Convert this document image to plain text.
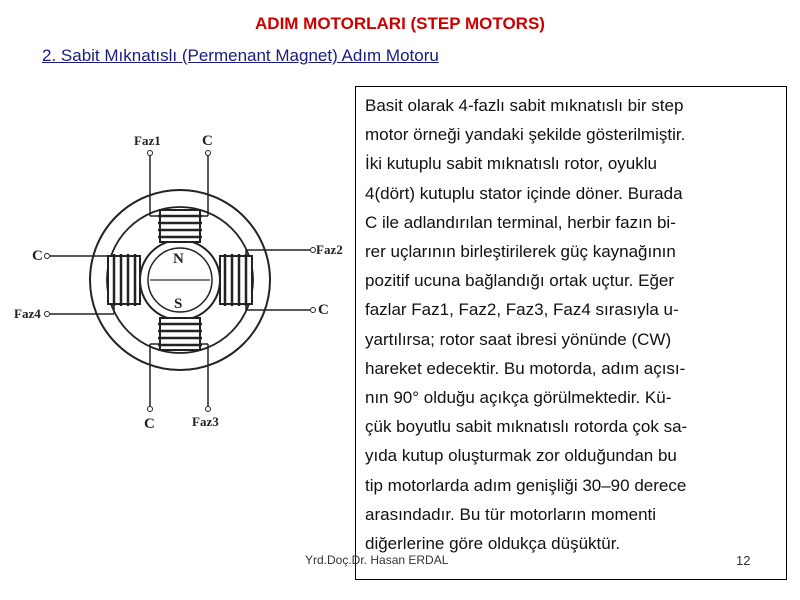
ADIM MOTORLARI (STEP MOTORS)
2. Sabit Mıknatıslı (Permenant Magnet) Adım Motoru
Faz1	C
C	Faz2
Faz4	C
C	Faz3
N
S
Basit olarak 4-fazlı sabit mıknatıslı bir step
motor örneği yandaki şekilde gösterilmiştir.
İki kutuplu sabit mıknatıslı rotor, oyuklu
4(dört) kutuplu stator içinde döner. Burada
C ile adlandırılan terminal, herbir fazın bi-
rer uçlarının birleştirilerek güç kaynağının
pozitif ucuna bağlandığı ortak uçtur. Eğer
fazlar Faz1, Faz2, Faz3, Faz4 sırasıyla u-
yartılırsa; rotor saat ibresi yönünde (CW)
hareket edecektir. Bu motorda, adım açısı-
nın 90° olduğu açıkça görülmektedir. Kü-
çük boyutlu sabit mıknatıslı rotorda çok sa-
yıda kutup oluşturmak zor olduğundan bu
tip motorlarda adım genişliği 30–90 derece
arasındadır. Bu tür motorların momenti
diğerlerine göre oldukça düşüktür.
Yrd.Doç.Dr. Hasan ERDAL	12
